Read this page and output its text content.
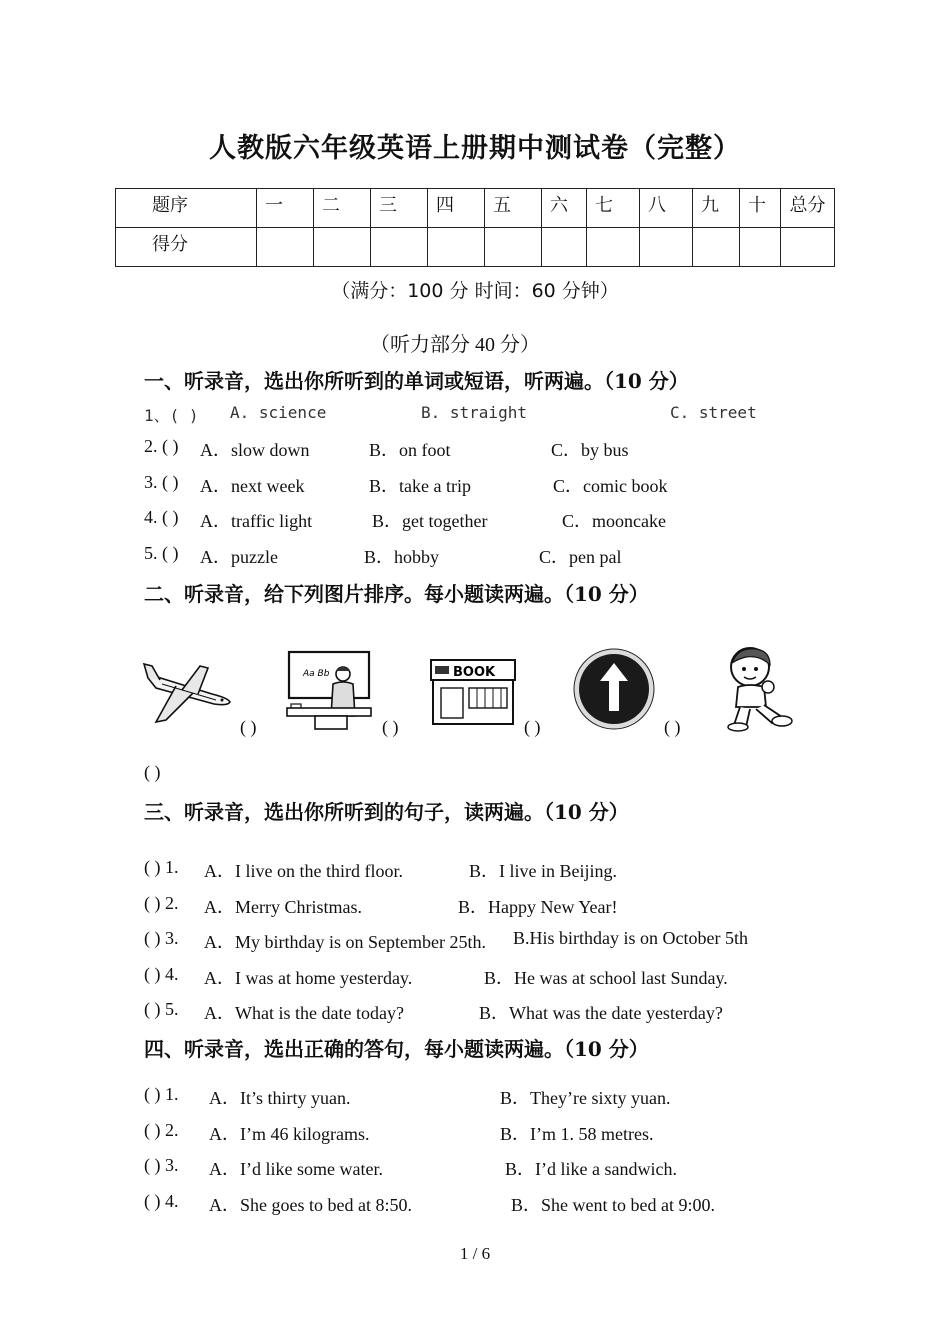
人教版六年级英语上册期中测试卷（完整）
题序	一	二	三	四	五	六	七	八	九	十	总分
得分											
（满分：100 分 时间：60 分钟）
（听力部分 40 分）
一、听录音，选出你所听到的单词或短语，听两遍。（10 分）
1、( ) A. science	B. straight	C. street
2. ( ) A．slow down	B．on foot	C．by bus
3. ( ) A．next week	B．take a trip	C．comic book
4. ( ) A．traffic light	B．get together	C．mooncake
5. ( ) A．puzzle	B．hobby	C．pen pal
二、听录音，给下列图片排序。每小题读两遍。（10 分）
Aa Bb	BOOK
( )	( )	( )	( )
( )
三、听录音，选出你所听到的句子，读两遍。（10 分）
( ) 1. A．I live on the third floor.	B．I live in Beijing.
( ) 2. A．Merry Christmas.	B．Happy New Year!
( ) 3. A．My birthday is on September 25th. B.His birthday is on October 5th
( ) 4. A．I was at home yesterday.	B．He was at school last Sunday.
( ) 5. A．What is the date today?	B．What was the date yesterday?
四、听录音，选出正确的答句，每小题读两遍。（10 分）
( ) 1. A．It’s thirty yuan.	B．They’re sixty yuan.
( ) 2. A．I’m 46 kilograms.	B．I’m 1. 58 metres.
( ) 3. A．I’d like some water.	B．I’d like a sandwich.
( ) 4. A．She goes to bed at 8:50.	B．She went to bed at 9:00.
1 / 6
